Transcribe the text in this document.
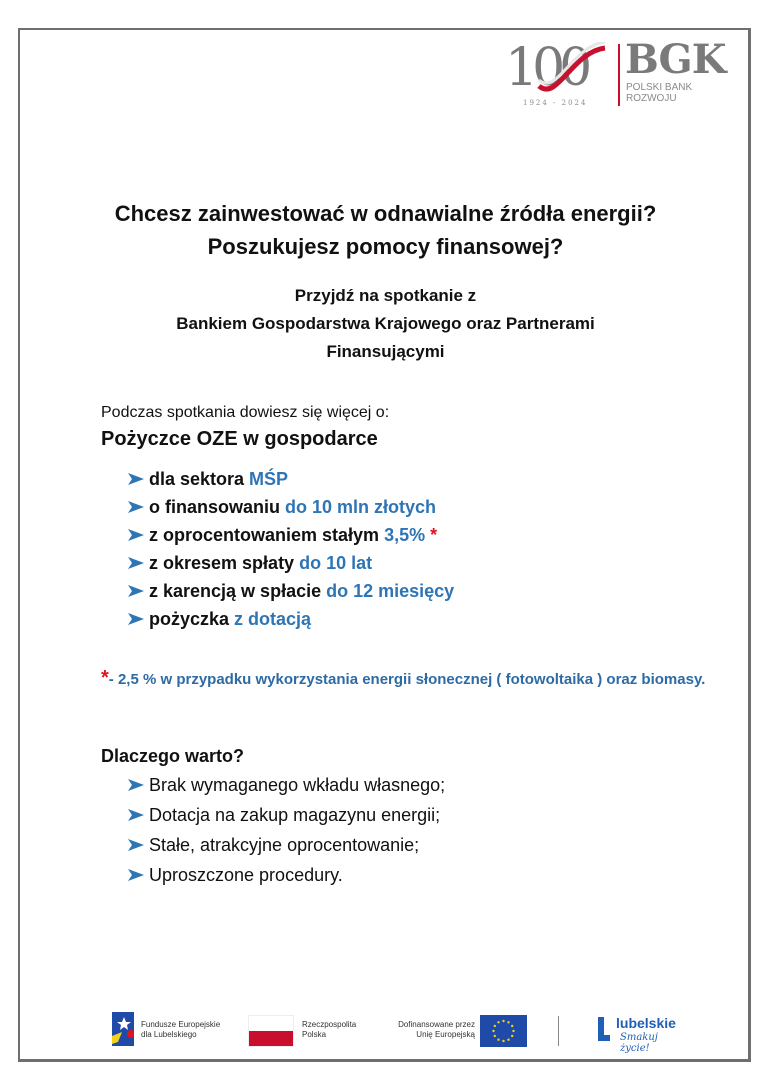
100
1924 - 2024
BGK
POLSKI BANK
ROZWOJU
Chcesz zainwestować w odnawialne źródła energii?
Poszukujesz pomocy finansowej?
Przyjdź na spotkanie z
Bankiem Gospodarstwa Krajowego oraz Partnerami
Finansującymi
Podczas spotkania dowiesz się więcej o:
Pożyczce OZE w gospodarce
dla sektora MŚP
o finansowaniu do 10 mln złotych
z oprocentowaniem stałym 3,5% *
z okresem spłaty do 10 lat
z karencją w spłacie do 12 miesięcy
pożyczka z dotacją
*- 2,5 % w przypadku wykorzystania energii słonecznej ( fotowoltaika ) oraz biomasy.
Dlaczego warto?
Brak wymaganego wkładu własnego;
Dotacja na zakup magazynu energii;
Stałe, atrakcyjne oprocentowanie;
Uproszczone procedury.
Fundusze Europejskie
dla Lubelskiego
Rzeczpospolita
Polska
Dofinansowane przez
Unię Europejską
lubelskie
Smakuj życie!
